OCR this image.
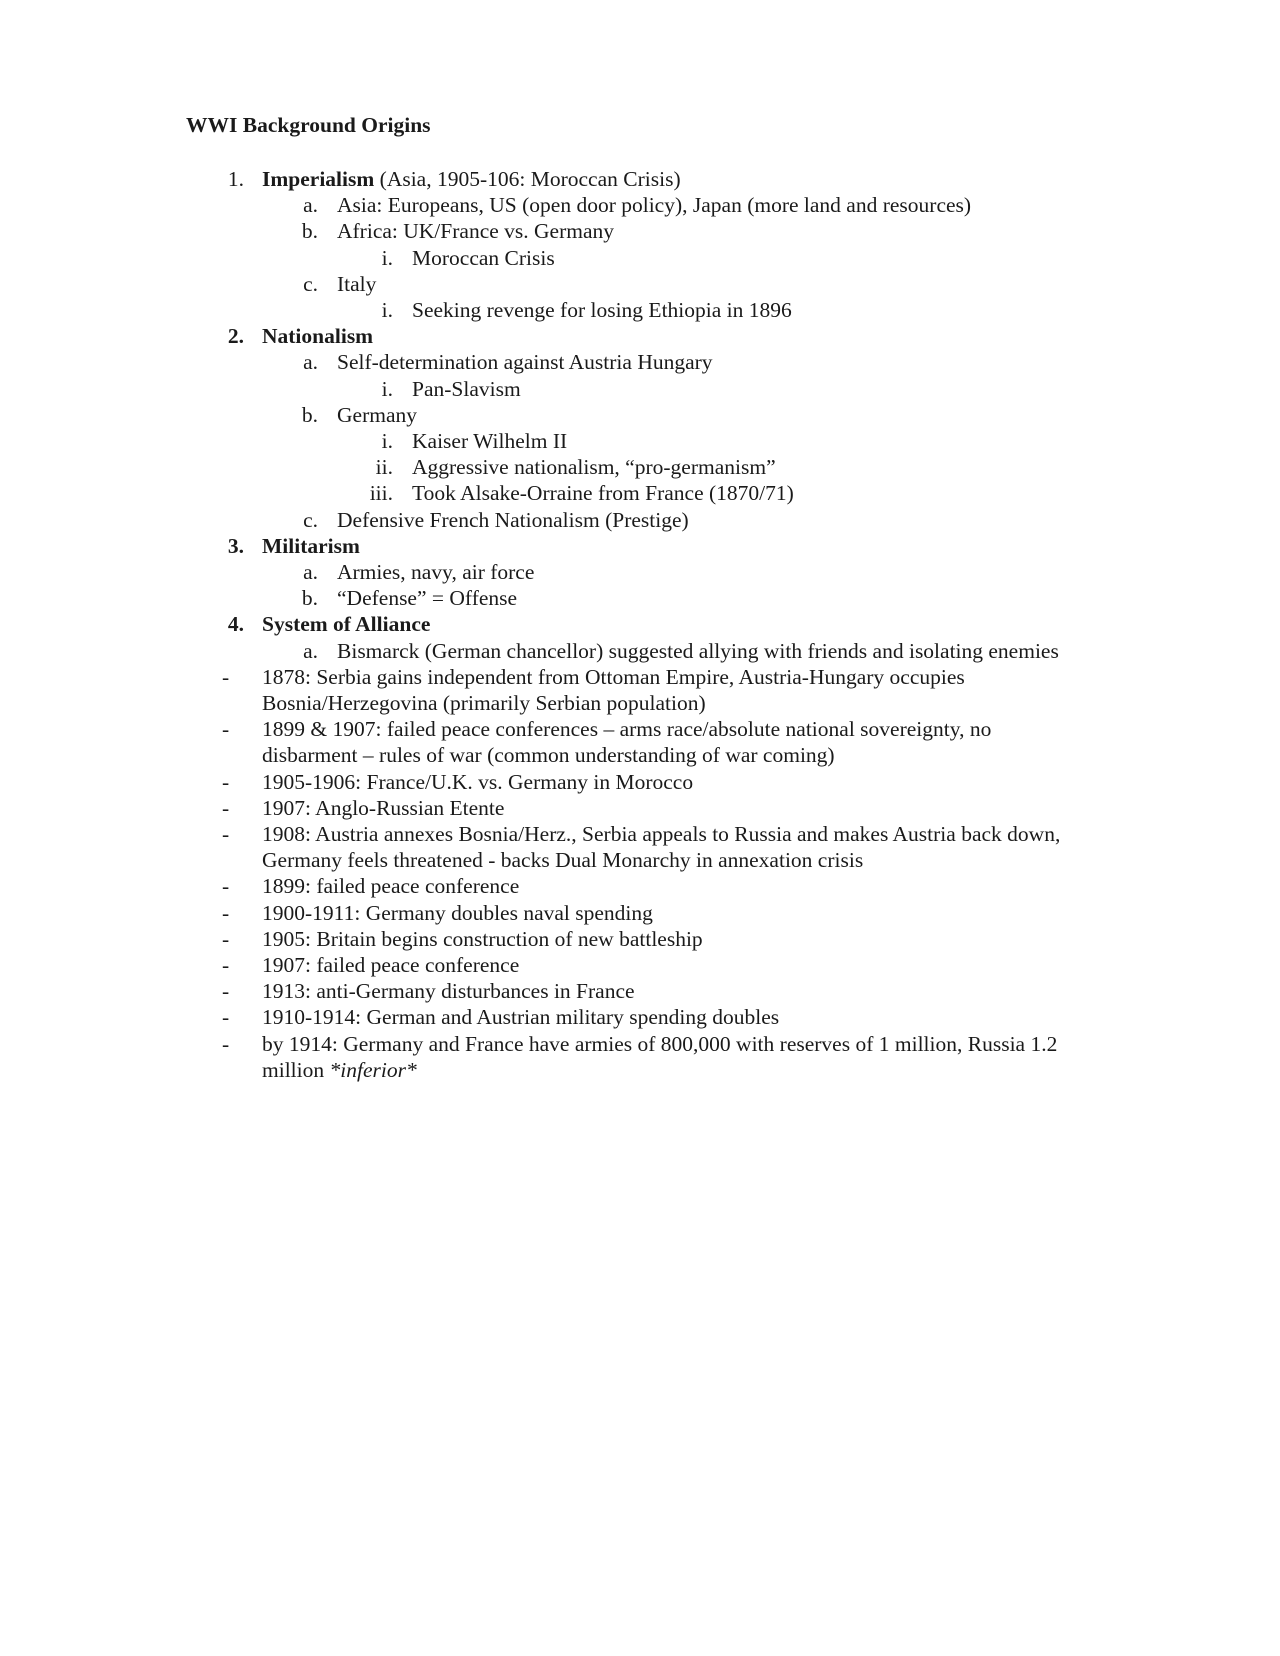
WWI Background Origins
1. Imperialism (Asia, 1905-106: Moroccan Crisis)
a. Asia: Europeans, US (open door policy), Japan (more land and resources)
b. Africa: UK/France vs. Germany
i. Moroccan Crisis
c. Italy
i. Seeking revenge for losing Ethiopia in 1896
2. Nationalism
a. Self-determination against Austria Hungary
i. Pan-Slavism
b. Germany
i. Kaiser Wilhelm II
ii. Aggressive nationalism, “pro-germanism”
iii. Took Alsake-Orraine from France (1870/71)
c. Defensive French Nationalism (Prestige)
3. Militarism
a. Armies, navy, air force
b. “Defense” = Offense
4. System of Alliance
a. Bismarck (German chancellor) suggested allying with friends and isolating enemies
- 1878: Serbia gains independent from Ottoman Empire, Austria-Hungary occupies
Bosnia/Herzegovina (primarily Serbian population)
- 1899 & 1907: failed peace conferences – arms race/absolute national sovereignty, no
disbarment – rules of war (common understanding of war coming)
- 1905-1906: France/U.K. vs. Germany in Morocco
- 1907: Anglo-Russian Etente
- 1908: Austria annexes Bosnia/Herz., Serbia appeals to Russia and makes Austria back down,
Germany feels threatened - backs Dual Monarchy in annexation crisis
- 1899: failed peace conference
- 1900-1911: Germany doubles naval spending
- 1905: Britain begins construction of new battleship
- 1907: failed peace conference
- 1913: anti-Germany disturbances in France
- 1910-1914: German and Austrian military spending doubles
- by 1914: Germany and France have armies of 800,000 with reserves of 1 million, Russia 1.2
million *inferior*
